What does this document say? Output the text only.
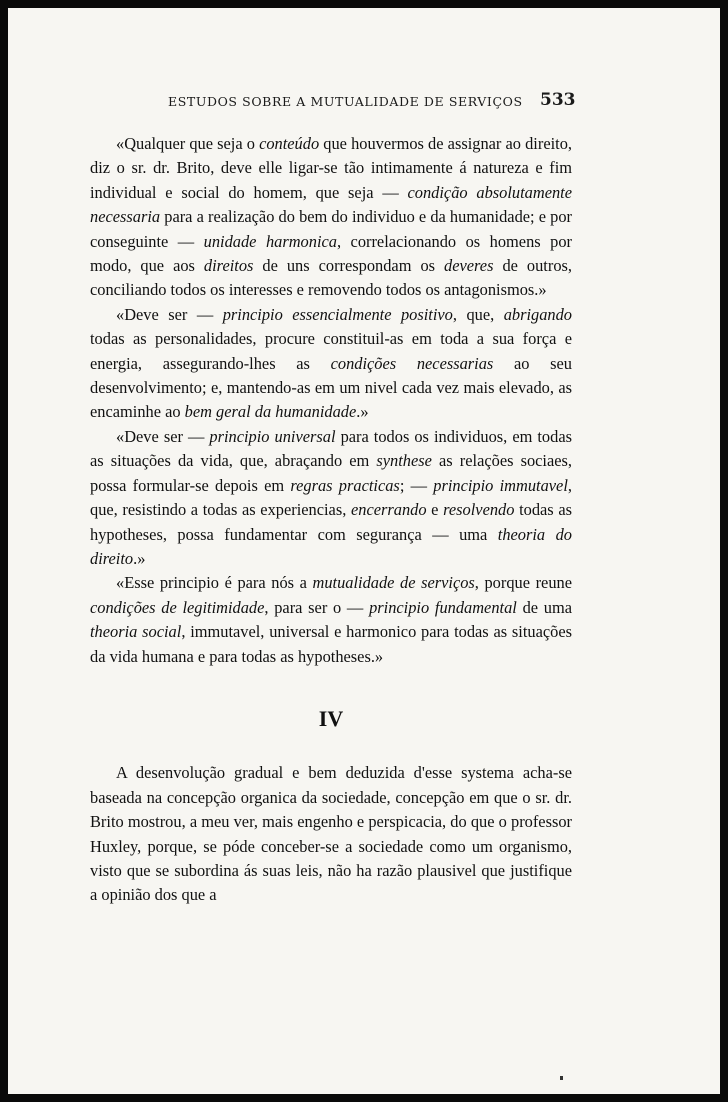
ESTUDOS SOBRE A MUTUALIDADE DE SERVIÇOS 533

«Qualquer que seja o conteúdo que houvermos de assignar ao direito, diz o sr. dr. Brito, deve elle ligar-se tão intimamente á natureza e fim individual e social do homem, que seja — condição absolutamente necessaria para a realização do bem do individuo e da humanidade; e por conseguinte — unidade harmonica, correlacionando os homens por modo, que aos direitos de uns correspondam os deveres de outros, conciliando todos os interesses e removendo todos os antagonismos.»

«Deve ser — principio essencialmente positivo, que, abrigando todas as personalidades, procure constituil-as em toda a sua força e energia, assegurando-lhes as condições necessarias ao seu desenvolvimento; e, mantendo-as em um nivel cada vez mais elevado, as encaminhe ao bem geral da humanidade.»

«Deve ser — principio universal para todos os individuos, em todas as situações da vida, que, abraçando em synthese as relações sociaes, possa formular-se depois em regras practicas; — principio immutavel, que, resistindo a todas as experiencias, encerrando e resolvendo todas as hypotheses, possa fundamentar com segurança — uma theoria do direito.»

«Esse principio é para nós a mutualidade de serviços, porque reune condições de legitimidade, para ser o — principio fundamental de uma theoria social, immutavel, universal e harmonico para todas as situações da vida humana e para todas as hypotheses.»

IV

A desenvolução gradual e bem deduzida d'esse systema acha-se baseada na concepção organica da sociedade, concepção em que o sr. dr. Brito mostrou, a meu ver, mais engenho e perspicacia, do que o professor Huxley, porque, se póde conceber-se a sociedade como um organismo, visto que se subordina ás suas leis, não ha razão plausivel que justifique a opinião dos que a
